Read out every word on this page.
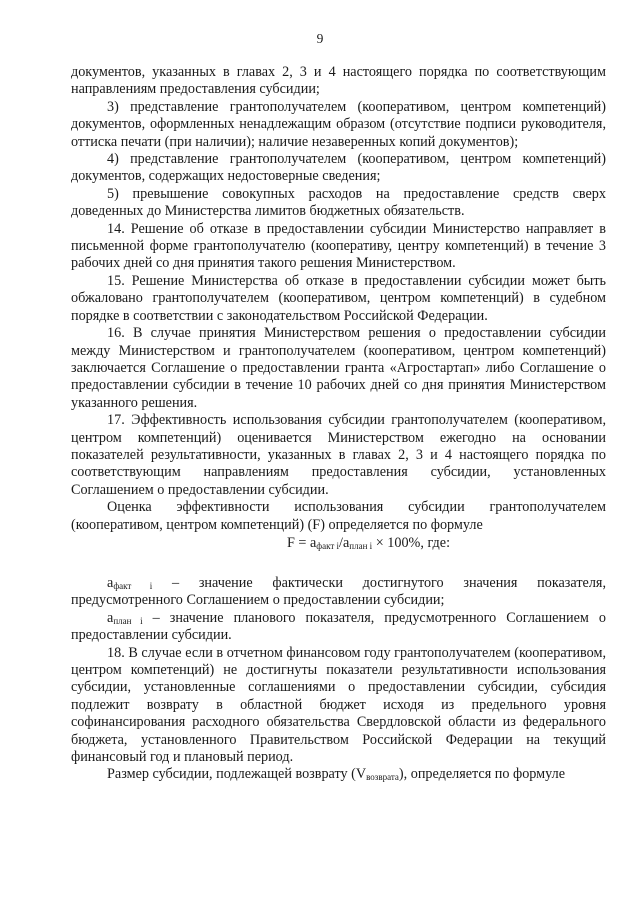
9

документов, указанных в главах 2, 3 и 4 настоящего порядка по соответствующим направлениям предоставления субсидии;

3) представление грантополучателем (кооперативом, центром компетенций) документов, оформленных ненадлежащим образом (отсутствие подписи руководителя, оттиска печати (при наличии); наличие незаверенных копий документов);

4) представление грантополучателем (кооперативом, центром компетенций) документов, содержащих недостоверные сведения;

5) превышение совокупных расходов на предоставление средств сверх доведенных до Министерства лимитов бюджетных обязательств.

14. Решение об отказе в предоставлении субсидии Министерство направляет в письменной форме грантополучателю (кооперативу, центру компетенций) в течение 3 рабочих дней со дня принятия такого решения Министерством.

15. Решение Министерства об отказе в предоставлении субсидии может быть обжаловано грантополучателем (кооперативом, центром компетенций) в судебном порядке в соответствии с законодательством Российской Федерации.

16. В случае принятия Министерством решения о предоставлении субсидии между Министерством и грантополучателем (кооперативом, центром компетенций) заключается Соглашение о предоставлении гранта «Агростартап» либо Соглашение о предоставлении субсидии в течение 10 рабочих дней со дня принятия Министерством указанного решения.

17. Эффективность использования субсидии грантополучателем (кооперативом, центром компетенций) оценивается Министерством ежегодно на основании показателей результативности, указанных в главах 2, 3 и 4 настоящего порядка по соответствующим направлениям предоставления субсидии, установленных Соглашением о предоставлении субсидии.

Оценка эффективности использования субсидии грантополучателем (кооперативом, центром компетенций) (F) определяется по формуле

$F = a_{факт i}/a_{план i} \times 100\%$, где:

$a_{факт i}$ – значение фактически достигнутого значения показателя, предусмотренного Соглашением о предоставлении субсидии;

$a_{план i}$ – значение планового показателя, предусмотренного Соглашением о предоставлении субсидии.

18. В случае если в отчетном финансовом году грантополучателем (кооперативом, центром компетенций) не достигнуты показатели результативности использования субсидии, установленные соглашениями о предоставлении субсидии, субсидия подлежит возврату в областной бюджет исходя из предельного уровня софинансирования расходного обязательства Свердловской области из федерального бюджета, установленного Правительством Российской Федерации на текущий финансовый год и плановый период.

Размер субсидии, подлежащей возврату $(V_{возврата})$, определяется по формуле
